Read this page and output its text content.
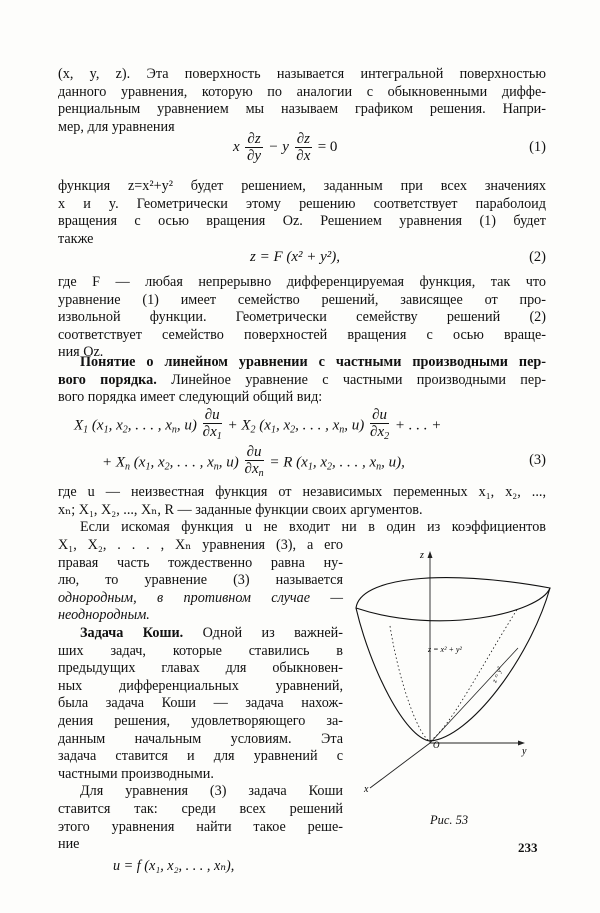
(x, y, z). Эта поверхность называется интегральной поверхностью
данного уравнения, которую по аналогии с обыкновенными диффе-
ренциальным уравнением мы называем графиком решения. Напри-
мер, для уравнения
x $\frac{\partial z}{\partial y} - y \frac{\partial z}{\partial x} = 0$	(1)
функция z=x²+y² будет решением, заданным при всех значениях
x и y. Геометрически этому решению соответствует параболоид
вращения с осью вращения Oz. Решением уравнения (1) будет
также
z = F (x² + y²),	(2)
где F — любая непрерывно дифференцируемая функция, так что
уравнение (1) имеет семейство решений, зависящее от про-
извольной функции. Геометрически семейству решений (2)
соответствует семейство поверхностей вращения с осью враще-
ния Oz.
Понятие о линейном уравнении с частными производными пер-
вого порядка. Линейное уравнение с частными производными пер-
вого порядка имеет следующий общий вид:
$X_1$ ($x_1$, $x_2$, . . . , $x_n$, $u) \frac{\partial u}{\partial x_1} + X_2$ ($x_1$, $x_2$, . . . , $x_n$, $u) \frac{\partial u}{\partial x_2}$ + . . . +
+ $X_n$ ($x_1$, $x_2$, . . . , $x_n$, $u) \frac{\partial u}{\partial x_n} = R$ ($x_1$, $x_2$, . . . , $x_n$, u),	(3)
где u — неизвестная функция от независимых переменных x₁, x₂, ...,
xₙ; X₁, X₂, ..., Xₙ, R — заданные функции своих аргументов.
Если искомая функция u не входит ни в один из коэффициентов
X₁, X₂, . . . , Xₙ уравнения (3), а его
правая часть тождественно равна ну-
лю, то уравнение (3) называется
однородным, в противном случае —
неоднородным.
Задача Коши. Одной из важней-
ших задач, которые ставились в
предыдущих главах для обыкновен-
ных дифференциальных уравнений,
была задача Коши — задача нахож-
дения решения, удовлетворяющего за-
данным начальным условиям. Эта
задача ставится и для уравнений с
частными производными.
Для уравнения (3) задача Коши
ставится так: среди всех решений
этого уравнения найти такое реше-
ние
u = f (x₁, x₂, . . . , xₙ),
z
y
x
O
z = x² + y²
z = y²
Рис. 53
233
